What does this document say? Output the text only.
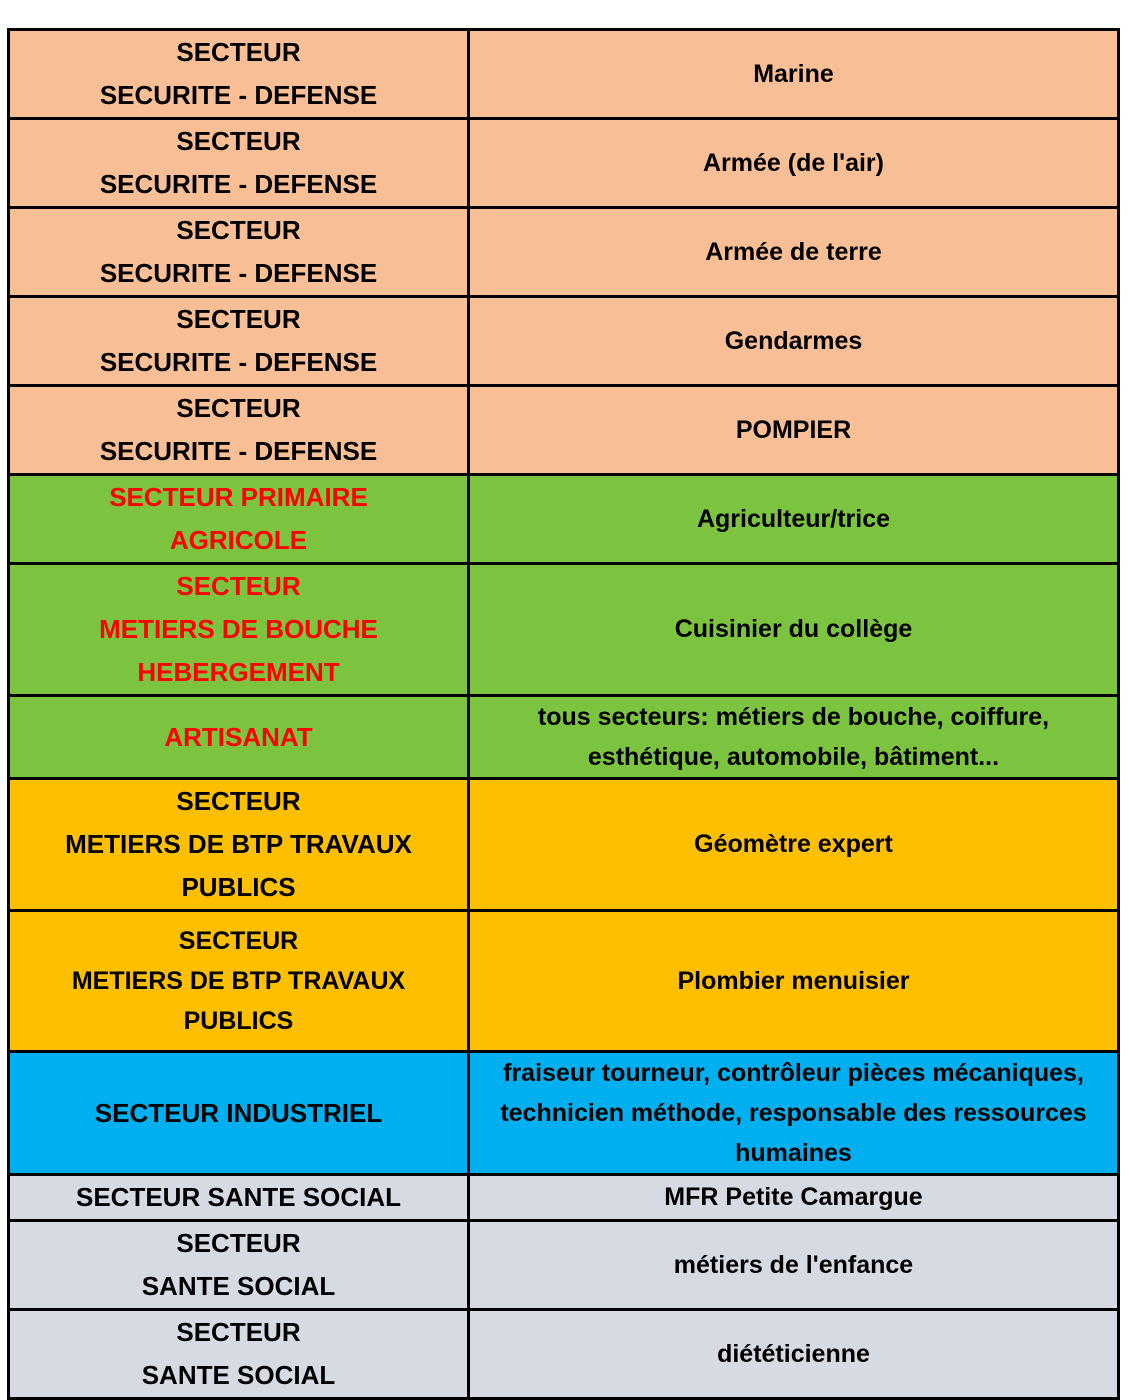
SECTEUR
SECURITE - DEFENSE	Marine
SECTEUR
SECURITE - DEFENSE	Armée (de l'air)
SECTEUR
SECURITE - DEFENSE	Armée de terre
SECTEUR
SECURITE - DEFENSE	Gendarmes
SECTEUR
SECURITE - DEFENSE	POMPIER
SECTEUR PRIMAIRE
AGRICOLE	Agriculteur/trice
SECTEUR
METIERS DE BOUCHE
HEBERGEMENT	Cuisinier du collège
ARTISANAT	tous secteurs: métiers de bouche, coiffure,
esthétique, automobile, bâtiment...
SECTEUR
METIERS DE BTP TRAVAUX
PUBLICS	Géomètre expert
SECTEUR
METIERS DE BTP TRAVAUX
PUBLICS	Plombier menuisier
SECTEUR INDUSTRIEL	fraiseur tourneur, contrôleur pièces mécaniques,
technicien méthode, responsable des ressources
humaines
SECTEUR SANTE SOCIAL	MFR Petite Camargue
SECTEUR
SANTE SOCIAL	métiers de l'enfance
SECTEUR
SANTE SOCIAL	diététicienne
